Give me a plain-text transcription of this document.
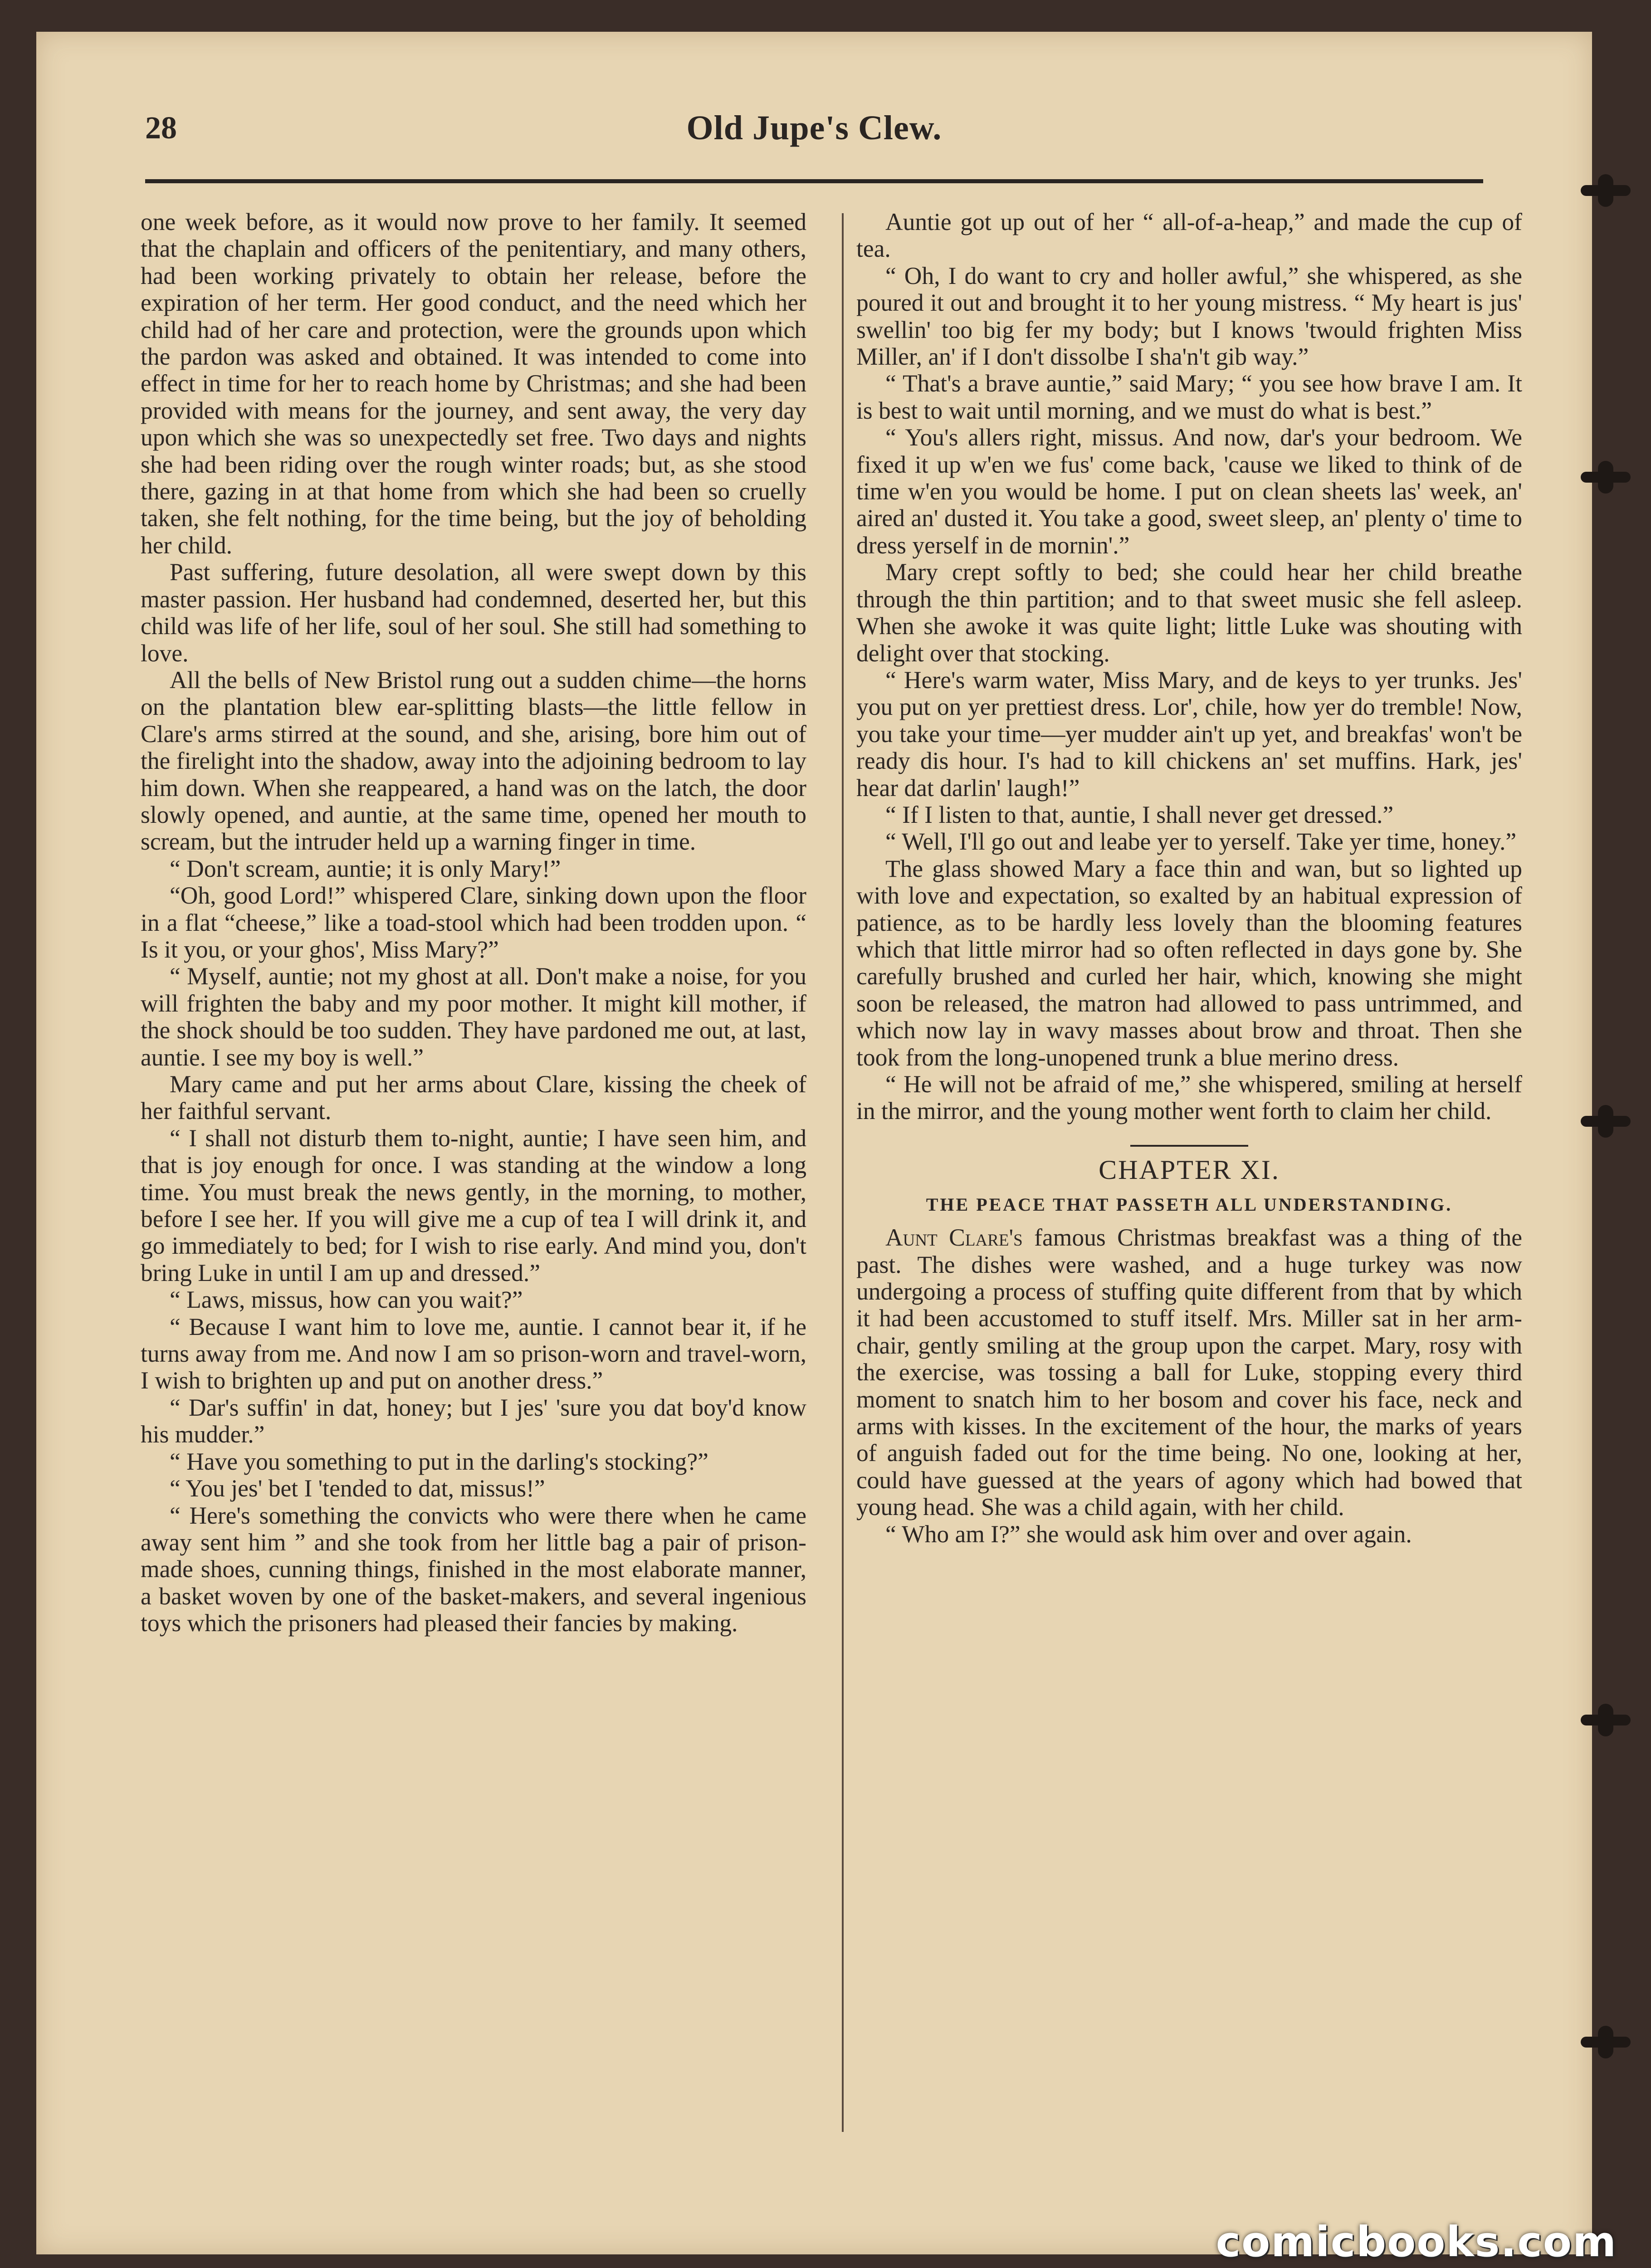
28	Old Jupe's Clew.

one week before, as it would now prove to her family. It seemed that the chaplain and officers of the penitentiary, and many others, had been working privately to obtain her release, before the expiration of her term. Her good conduct, and the need which her child had of her care and protection, were the grounds upon which the pardon was asked and obtained. It was intended to come into effect in time for her to reach home by Christmas; and she had been provided with means for the journey, and sent away, the very day upon which she was so unexpectedly set free. Two days and nights she had been riding over the rough winter roads; but, as she stood there, gazing in at that home from which she had been so cruelly taken, she felt nothing, for the time being, but the joy of beholding her child.

Past suffering, future desolation, all were swept down by this master passion. Her husband had condemned, deserted her, but this child was life of her life, soul of her soul. She still had something to love.

All the bells of New Bristol rung out a sudden chime—the horns on the plantation blew ear-splitting blasts—the little fellow in Clare's arms stirred at the sound, and she, arising, bore him out of the firelight into the shadow, away into the adjoining bedroom to lay him down. When she reappeared, a hand was on the latch, the door slowly opened, and auntie, at the same time, opened her mouth to scream, but the intruder held up a warning finger in time.

“ Don't scream, auntie; it is only Mary!”

“Oh, good Lord!” whispered Clare, sinking down upon the floor in a flat “cheese,” like a toad-stool which had been trodden upon. “ Is it you, or your ghos', Miss Mary?”

“ Myself, auntie; not my ghost at all. Don't make a noise, for you will frighten the baby and my poor mother. It might kill mother, if the shock should be too sudden. They have pardoned me out, at last, auntie. I see my boy is well.”

Mary came and put her arms about Clare, kissing the cheek of her faithful servant.

“ I shall not disturb them to-night, auntie; I have seen him, and that is joy enough for once. I was standing at the window a long time. You must break the news gently, in the morning, to mother, before I see her. If you will give me a cup of tea I will drink it, and go immediately to bed; for I wish to rise early. And mind you, don't bring Luke in until I am up and dressed.”

“ Laws, missus, how can you wait?”

“ Because I want him to love me, auntie. I cannot bear it, if he turns away from me. And now I am so prison-worn and travel-worn, I wish to brighten up and put on another dress.”

“ Dar's suffin' in dat, honey; but I jes' 'sure you dat boy'd know his mudder.”

“ Have you something to put in the darling's stocking?”

“ You jes' bet I 'tended to dat, missus!”

“ Here's something the convicts who were there when he came away sent him ” and she took from her little bag a pair of prison-made shoes, cunning things, finished in the most elaborate manner, a basket woven by one of the basket-makers, and several ingenious toys which the prisoners had pleased their fancies by making.

Auntie got up out of her “ all-of-a-heap,” and made the cup of tea.

“ Oh, I do want to cry and holler awful,” she whispered, as she poured it out and brought it to her young mistress. “ My heart is jus' swellin' too big fer my body; but I knows 'twould frighten Miss Miller, an' if I don't dissolbe I sha'n't gib way.”

“ That's a brave auntie,” said Mary; “ you see how brave I am. It is best to wait until morning, and we must do what is best.”

“ You's allers right, missus. And now, dar's your bedroom. We fixed it up w'en we fus' come back, 'cause we liked to think of de time w'en you would be home. I put on clean sheets las' week, an' aired an' dusted it. You take a good, sweet sleep, an' plenty o' time to dress yerself in de mornin'.”

Mary crept softly to bed; she could hear her child breathe through the thin partition; and to that sweet music she fell asleep. When she awoke it was quite light; little Luke was shouting with delight over that stocking.

“ Here's warm water, Miss Mary, and de keys to yer trunks. Jes' you put on yer prettiest dress. Lor', chile, how yer do tremble! Now, you take your time—yer mudder ain't up yet, and breakfas' won't be ready dis hour. I's had to kill chickens an' set muffins. Hark, jes' hear dat darlin' laugh!”

“ If I listen to that, auntie, I shall never get dressed.”

“ Well, I'll go out and leabe yer to yerself. Take yer time, honey.”

The glass showed Mary a face thin and wan, but so lighted up with love and expectation, so exalted by an habitual expression of patience, as to be hardly less lovely than the blooming features which that little mirror had so often reflected in days gone by. She carefully brushed and curled her hair, which, knowing she might soon be released, the matron had allowed to pass untrimmed, and which now lay in wavy masses about brow and throat. Then she took from the long-unopened trunk a blue merino dress.

“ He will not be afraid of me,” she whispered, smiling at herself in the mirror, and the young mother went forth to claim her child.

CHAPTER XI.
THE PEACE THAT PASSETH ALL UNDERSTANDING.

Aunt Clare's famous Christmas breakfast was a thing of the past. The dishes were washed, and a huge turkey was now undergoing a process of stuffing quite different from that by which it had been accustomed to stuff itself. Mrs. Miller sat in her arm-chair, gently smiling at the group upon the carpet. Mary, rosy with the exercise, was tossing a ball for Luke, stopping every third moment to snatch him to her bosom and cover his face, neck and arms with kisses. In the excitement of the hour, the marks of years of anguish faded out for the time being. No one, looking at her, could have guessed at the years of agony which had bowed that young head. She was a child again, with her child.

“ Who am I?” she would ask him over and over again.

comicbooks.com
